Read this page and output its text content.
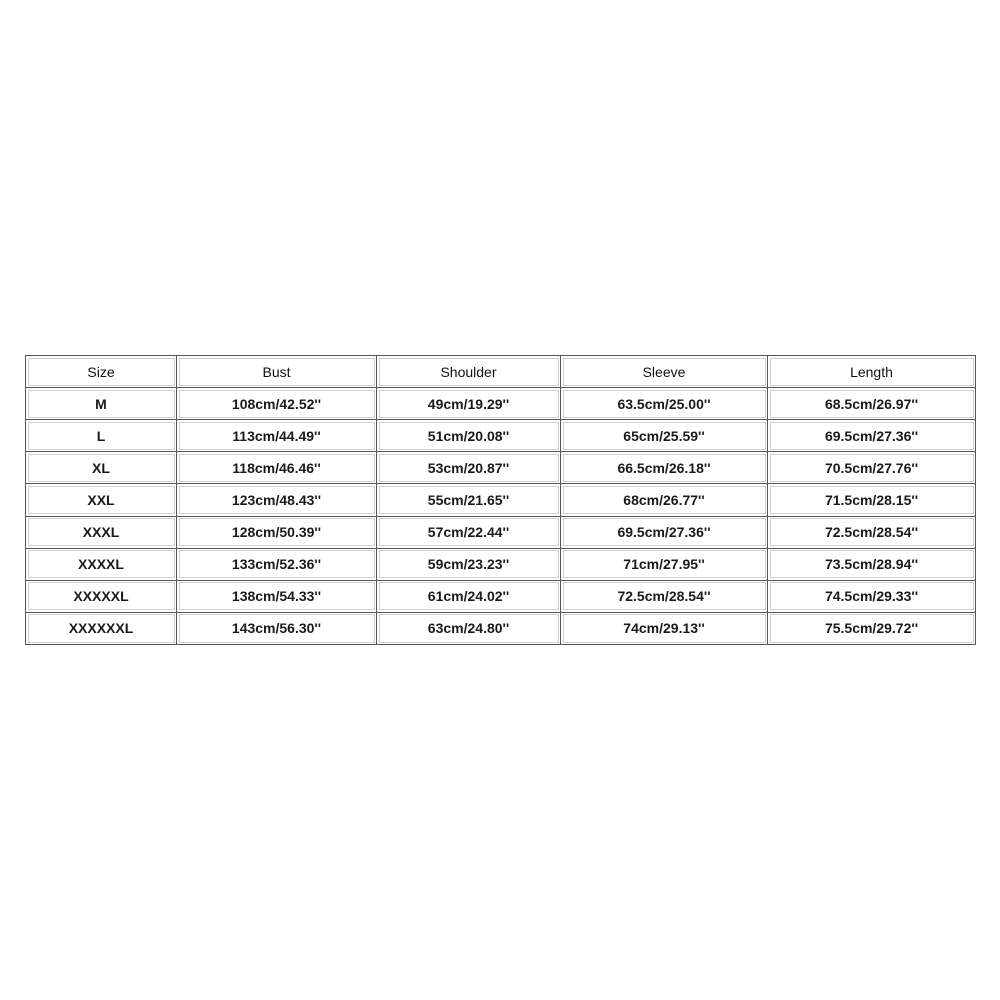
Size	Bust	Shoulder	Sleeve	Length
M	108cm/42.52''	49cm/19.29''	63.5cm/25.00''	68.5cm/26.97''
L	113cm/44.49''	51cm/20.08''	65cm/25.59''	69.5cm/27.36''
XL	118cm/46.46''	53cm/20.87''	66.5cm/26.18''	70.5cm/27.76''
XXL	123cm/48.43''	55cm/21.65''	68cm/26.77''	71.5cm/28.15''
XXXL	128cm/50.39''	57cm/22.44''	69.5cm/27.36''	72.5cm/28.54''
XXXXL	133cm/52.36''	59cm/23.23''	71cm/27.95''	73.5cm/28.94''
XXXXXL	138cm/54.33''	61cm/24.02''	72.5cm/28.54''	74.5cm/29.33''
XXXXXXL	143cm/56.30''	63cm/24.80''	74cm/29.13''	75.5cm/29.72''
